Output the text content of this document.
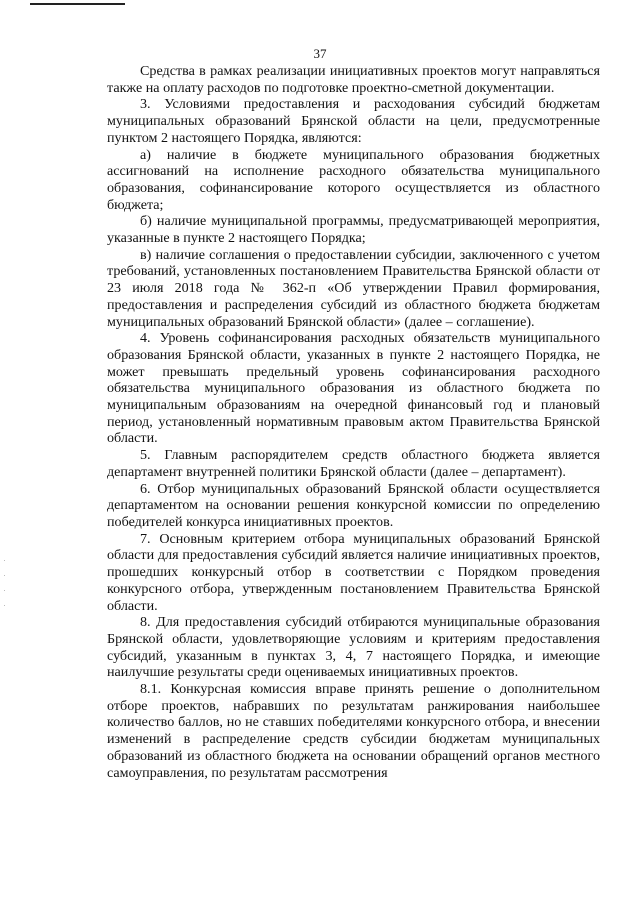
37

Средства в рамках реализации инициативных проектов могут направляться также на оплату расходов по подготовке проектно-сметной документации.

3. Условиями предоставления и расходования субсидий бюджетам муниципальных образований Брянской области на цели, предусмотренные пунктом 2 настоящего Порядка, являются:

а) наличие в бюджете муниципального образования бюджетных ассигнований на исполнение расходного обязательства муниципального образования, софинансирование которого осуществляется из областного бюджета;

б) наличие муниципальной программы, предусматривающей мероприятия, указанные в пункте 2 настоящего Порядка;

в) наличие соглашения о предоставлении субсидии, заключенного с учетом требований, установленных постановлением Правительства Брянской области от 23 июля 2018 года № 362-п «Об утверждении Правил формирования, предоставления и распределения субсидий из областного бюджета бюджетам муниципальных образований Брянской области» (далее – соглашение).

4. Уровень софинансирования расходных обязательств муниципального образования Брянской области, указанных в пункте 2 настоящего Порядка, не может превышать предельный уровень софинансирования расходного обязательства муниципального образования из областного бюджета по муниципальным образованиям на очередной финансовый год и плановый период, установленный нормативным правовым актом Правительства Брянской области.

5. Главным распорядителем средств областного бюджета является департамент внутренней политики Брянской области (далее – департамент).

6. Отбор муниципальных образований Брянской области осуществляется департаментом на основании решения конкурсной комиссии по определению победителей конкурса инициативных проектов.

7. Основным критерием отбора муниципальных образований Брянской области для предоставления субсидий является наличие инициативных проектов, прошедших конкурсный отбор в соответствии с Порядком проведения конкурсного отбора, утвержденным постановлением Правительства Брянской области.

8. Для предоставления субсидий отбираются муниципальные образования Брянской области, удовлетворяющие условиям и критериям предоставления субсидий, указанным в пунктах 3, 4, 7 настоящего Порядка, и имеющие наилучшие результаты среди оцениваемых инициативных проектов.

8.1. Конкурсная комиссия вправе принять решение о дополнительном отборе проектов, набравших по результатам ранжирования наибольшее количество баллов, но не ставших победителями конкурсного отбора, и внесении изменений в распределение средств субсидии бюджетам муниципальных образований из областного бюджета на основании обращений органов местного самоуправления, по результатам рассмотрения
